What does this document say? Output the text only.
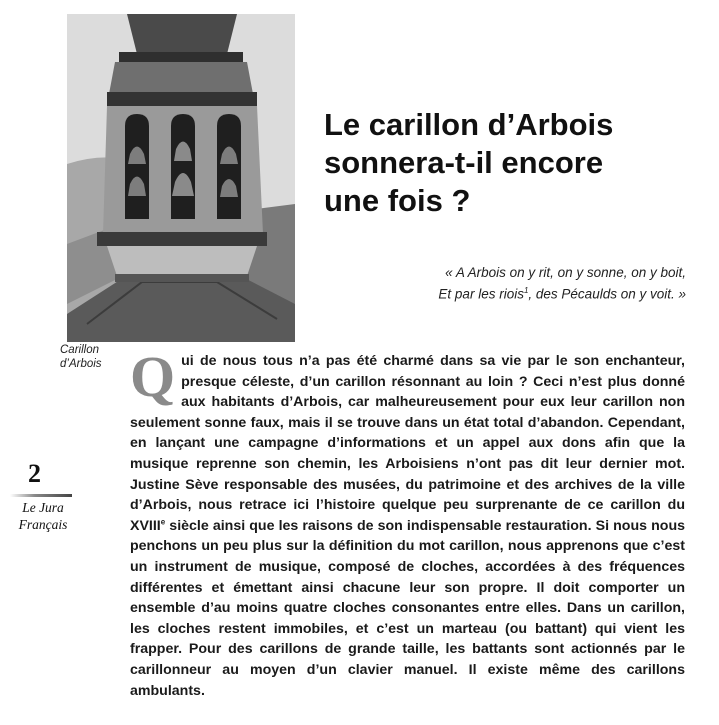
Carillon
d’Arbois
Le carillon d’Arbois
sonnera-t-il encore
une fois ?
« A Arbois on y rit, on y sonne, on y boit,
Et par les riois$^1$, des Pécaulds on y voit. »
2
Le Jura
Français

Qui de nous tous n’a pas été charmé dans sa vie par le son enchanteur, presque céleste, d’un carillon résonnant au loin ? Ceci n’est plus donné aux habitants d’Arbois, car malheureusement pour eux leur carillon non seulement sonne faux, mais il se trouve dans un état total d’abandon. Cependant, en lançant une campagne d’informations et un appel aux dons afin que la musique reprenne son chemin, les Arboisiens n’ont pas dit leur dernier mot. Justine Sève responsable des musées, du patrimoine et des archives de la ville d’Arbois, nous retrace ici l’histoire quelque peu surprenante de ce carillon du XVIIIe siècle ainsi que les raisons de son indispensable restauration. Si nous nous penchons un peu plus sur la définition du mot carillon, nous apprenons que c’est un instrument de musique, composé de cloches, accordées à des fréquences différentes et émettant ainsi chacune leur son propre. Il doit comporter un ensemble d’au moins quatre cloches consonantes entre elles. Dans un carillon, les cloches restent immobiles, et c’est un marteau (ou battant) qui vient les frapper. Pour des carillons de grande taille, les battants sont actionnés par le carillonneur au moyen d’un clavier manuel. Il existe même des carillons ambulants.
